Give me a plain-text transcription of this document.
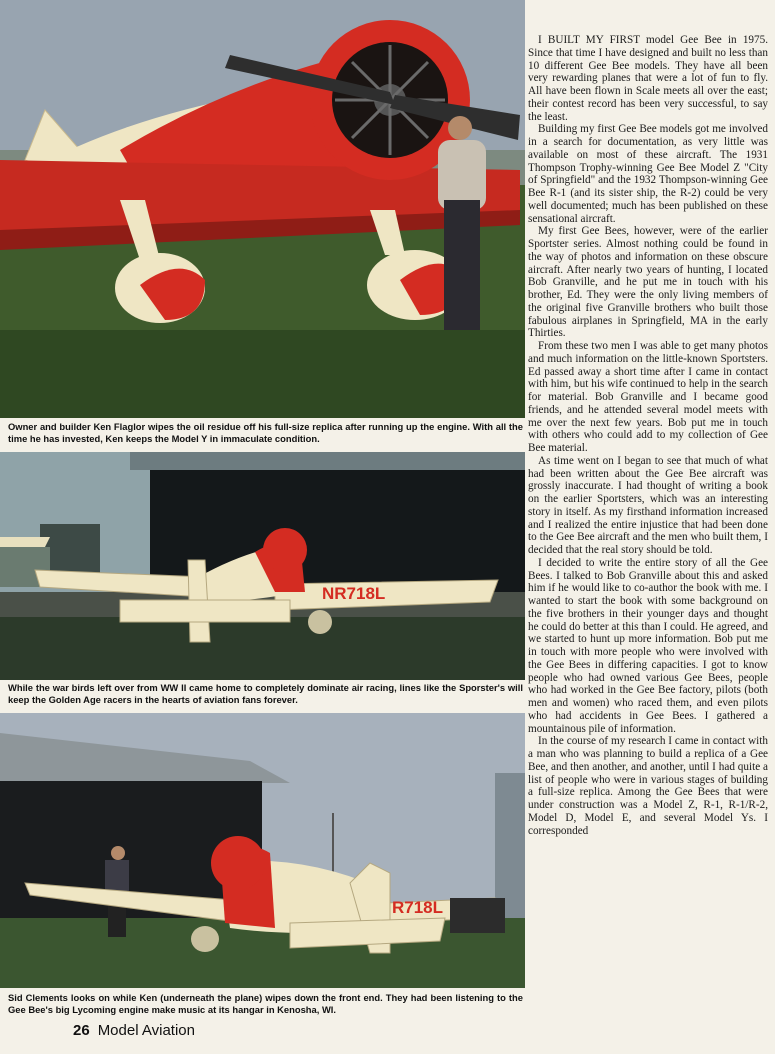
Owner and builder Ken Flaglor wipes the oil residue off his full-size replica after running up the engine. With all the time he has invested, Ken keeps the Model Y in immaculate condition.
NR718L
While the war birds left over from WW II came home to completely dominate air racing, lines like the Sporster's will keep the Golden Age racers in the hearts of aviation fans forever.
R718L
Sid Clements looks on while Ken (underneath the plane) wipes down the front end. They had been listening to the Gee Bee's big Lycoming engine make music at its hangar in Kenosha, WI.

I BUILT MY FIRST model Gee Bee in 1975. Since that time I have designed and built no less than 10 different Gee Bee models. They have all been very rewarding planes that were a lot of fun to fly. All have been flown in Scale meets all over the east; their contest record has been very successful, to say the least.

Building my first Gee Bee models got me involved in a search for documentation, as very little was available on most of these aircraft. The 1931 Thompson Trophy-winning Gee Bee Model Z "City of Springfield" and the 1932 Thompson-winning Gee Bee R-1 (and its sister ship, the R-2) could be very well documented; much has been published on these sensational aircraft.

My first Gee Bees, however, were of the earlier Sportster series. Almost nothing could be found in the way of photos and information on these obscure aircraft. After nearly two years of hunting, I located Bob Granville, and he put me in touch with his brother, Ed. They were the only living members of the original five Granville brothers who built those fabulous airplanes in Springfield, MA in the early Thirties.

From these two men I was able to get many photos and much information on the little-known Sportsters. Ed passed away a short time after I came in contact with him, but his wife continued to help in the search for material. Bob Granville and I became good friends, and he attended several model meets with me over the next few years. Bob put me in touch with others who could add to my collection of Gee Bee material.

As time went on I began to see that much of what had been written about the Gee Bee aircraft was grossly inaccurate. I had thought of writing a book on the earlier Sportsters, which was an interesting story in itself. As my firsthand information increased and I realized the entire injustice that had been done to the Gee Bee aircraft and the men who built them, I decided that the real story should be told.

I decided to write the entire story of all the Gee Bees. I talked to Bob Granville about this and asked him if he would like to co-author the book with me. I wanted to start the book with some background on the five brothers in their younger days and thought he could do better at this than I could. He agreed, and we started to hunt up more information. Bob put me in touch with more people who were involved with the Gee Bees in differing capacities. I got to know people who had owned various Gee Bees, people who had worked in the Gee Bee factory, pilots (both men and women) who raced them, and even pilots who had accidents in Gee Bees. I gathered a mountainous pile of information.

In the course of my research I came in contact with a man who was planning to build a replica of a Gee Bee, and then another, and another, until I had quite a list of people who were in various stages of building a full-size replica. Among the Gee Bees that were under construction was a Model Z, R-1, R-1/R-2, Model D, Model E, and several Model Ys. I corresponded

26 Model Aviation
